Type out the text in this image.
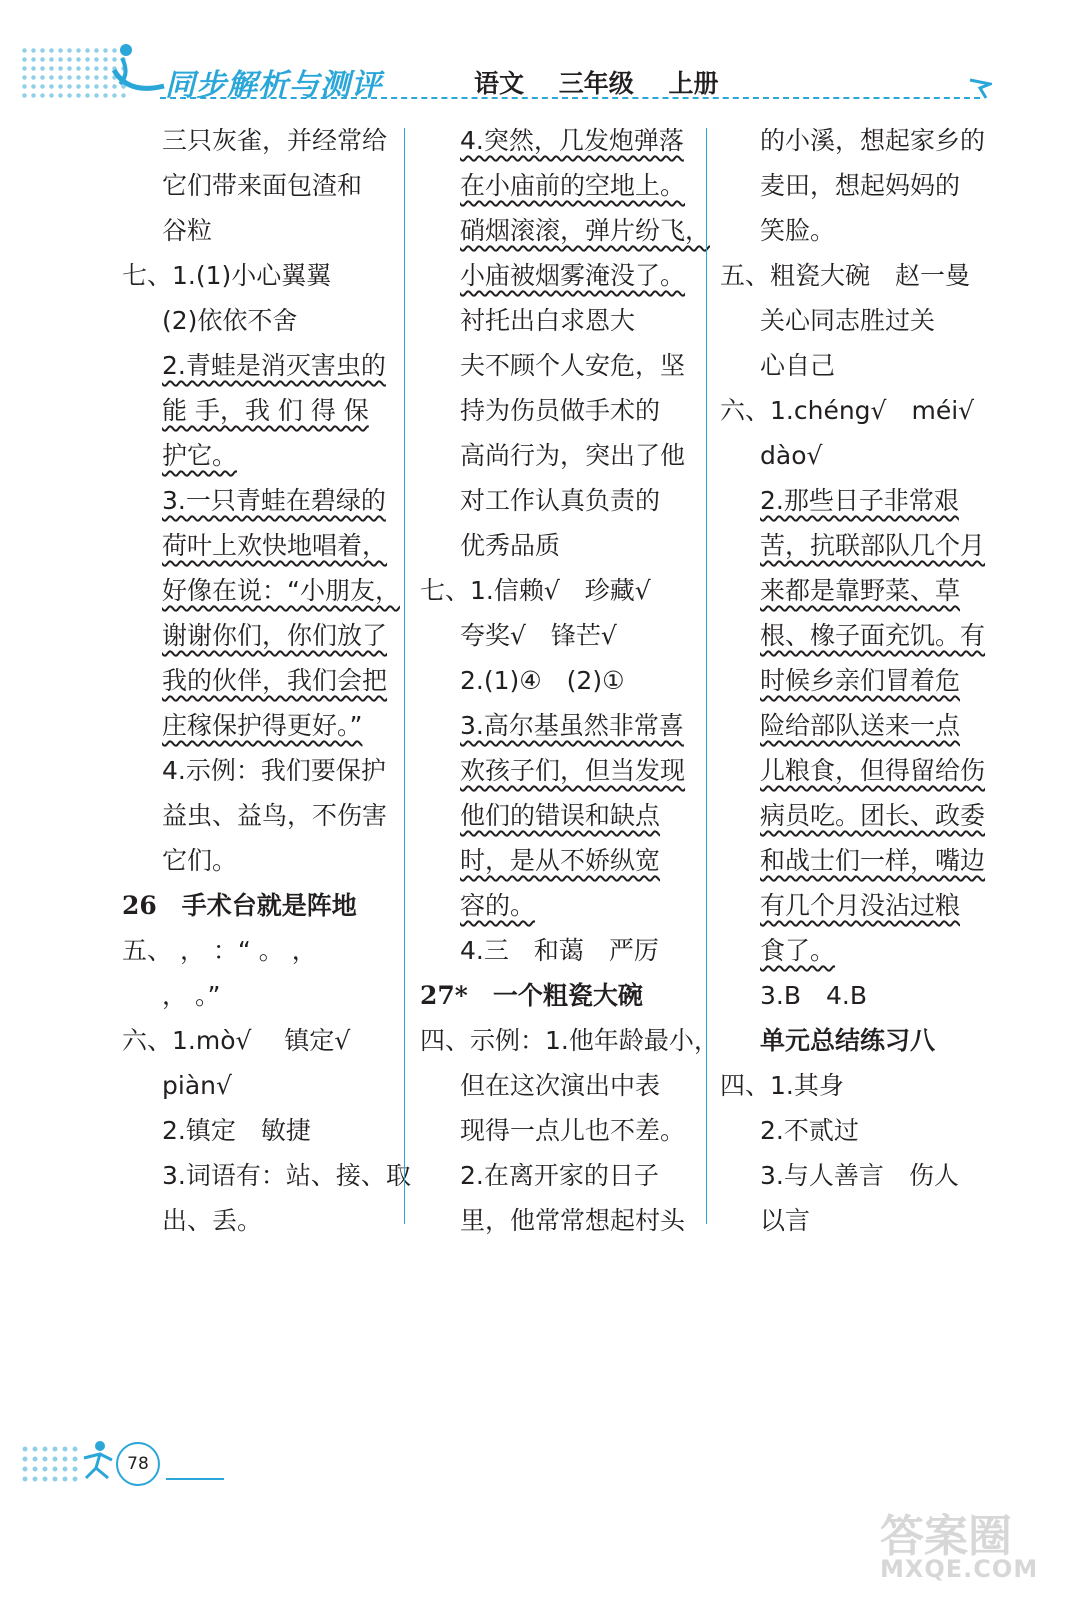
同步解析与测评	语文 三年级 上册

三只灰雀，并经常给

它们带来面包渣和

谷粒

七、1.(1)小心翼翼

(2)依依不舍

2.青蛙是消灭害虫的

能 手，我 们 得 保

护它。

3.一只青蛙在碧绿的

荷叶上欢快地唱着，

好像在说：“小朋友，

谢谢你们，你们放了

我的伙伴，我们会把

庄稼保护得更好。”

4.示例：我们要保护

益虫、益鸟，不伤害

它们。

26　手术台就是阵地

五、 ， ：“ 。 ，

， 。”

六、1.mò√　 镇定√

piàn√

2.镇定　敏捷

3.词语有：站、接、取

出、丢。

4.突然，几发炮弹落

在小庙前的空地上。

硝烟滚滚，弹片纷飞，

小庙被烟雾淹没了。

衬托出白求恩大

夫不顾个人安危，坚

持为伤员做手术的

高尚行为，突出了他

对工作认真负责的

优秀品质

七、1.信赖√　珍藏√

夸奖√　锋芒√

2.(1)④　(2)①

3.高尔基虽然非常喜

欢孩子们，但当发现

他们的错误和缺点

时，是从不娇纵宽

容的。

4.三　和蔼　严厉

27*　一个粗瓷大碗

四、示例：1.他年龄最小，

但在这次演出中表

现得一点儿也不差。

2.在离开家的日子

里，他常常想起村头

的小溪，想起家乡的

麦田，想起妈妈的

笑脸。

五、粗瓷大碗　赵一曼

关心同志胜过关

心自己

六、1.chéng√　méi√

dào√

2.那些日子非常艰

苦，抗联部队几个月

来都是靠野菜、草

根、橡子面充饥。有

时候乡亲们冒着危

险给部队送来一点

儿粮食，但得留给伤

病员吃。团长、政委

和战士们一样，嘴边

有几个月没沾过粮

食了。

3.B　4.B

单元总结练习八

四、1.其身

2.不贰过

3.与人善言　伤人

以言

78
答案圈
MXQE.COM
